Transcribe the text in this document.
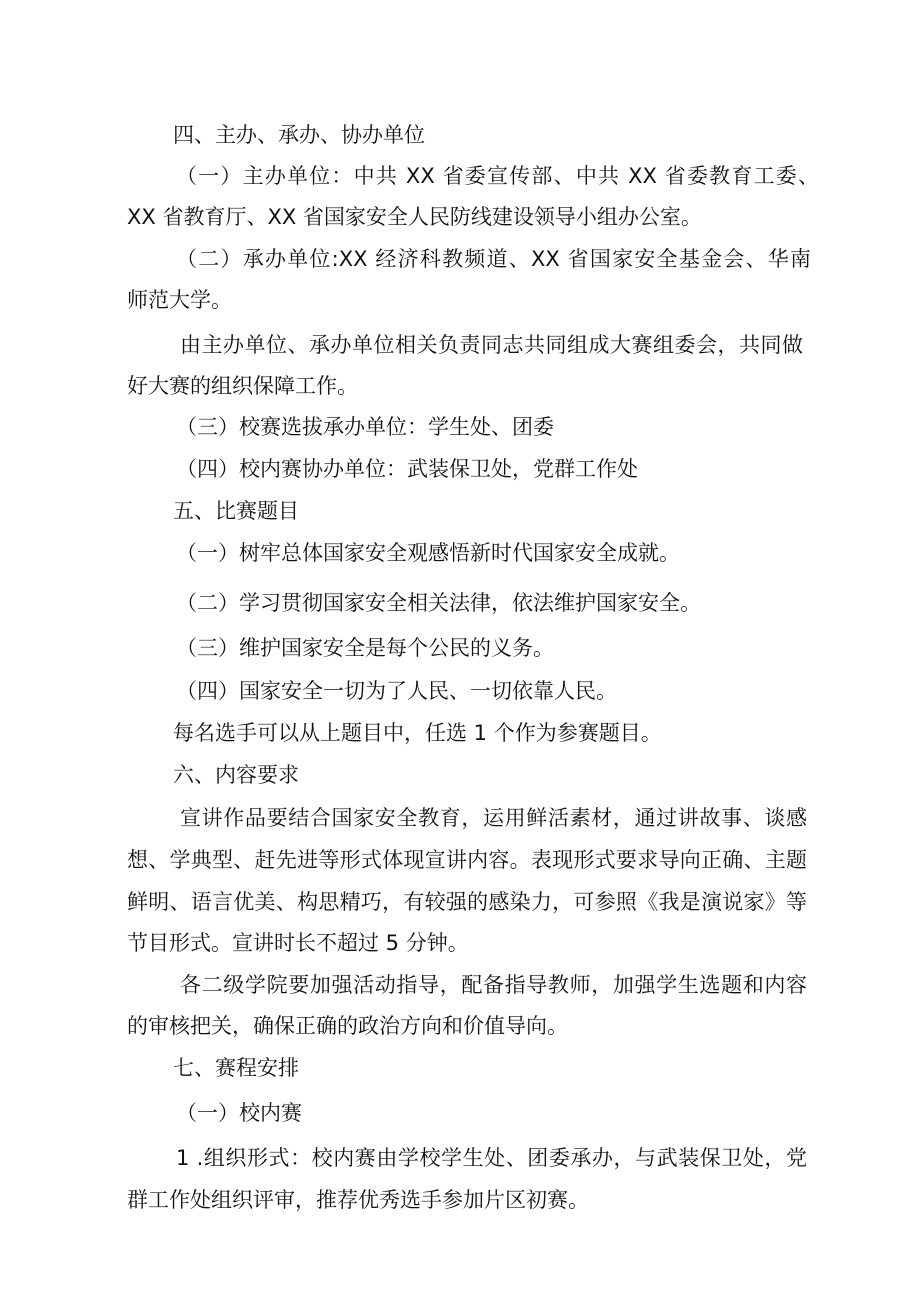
四、主办、承办、协办单位

（一）主办单位：中共 XX 省委宣传部、中共 XX 省委教育工委、

XX 省教育厅、XX 省国家安全人民防线建设领导小组办公室。

（二）承办单位:XX 经济科教频道、XX 省国家安全基金会、华南

师范大学。

由主办单位、承办单位相关负责同志共同组成大赛组委会，共同做

好大赛的组织保障工作。

（三）校赛选拔承办单位：学生处、团委

（四）校内赛协办单位：武装保卫处，党群工作处

五、比赛题目

（一）树牢总体国家安全观感悟新时代国家安全成就。

（二）学习贯彻国家安全相关法律，依法维护国家安全。

（三）维护国家安全是每个公民的义务。

（四）国家安全一切为了人民、一切依靠人民。

每名选手可以从上题目中，任选 1 个作为参赛题目。

六、内容要求

宣讲作品要结合国家安全教育，运用鲜活素材，通过讲故事、谈感

想、学典型、赶先进等形式体现宣讲内容。表现形式要求导向正确、主题

鲜明、语言优美、构思精巧，有较强的感染力，可参照《我是演说家》等

节目形式。宣讲时长不超过 5 分钟。

各二级学院要加强活动指导，配备指导教师，加强学生选题和内容

的审核把关，确保正确的政治方向和价值导向。

七、赛程安排

（一）校内赛

1 .组织形式：校内赛由学校学生处、团委承办，与武装保卫处，党

群工作处组织评审，推荐优秀选手参加片区初赛。
